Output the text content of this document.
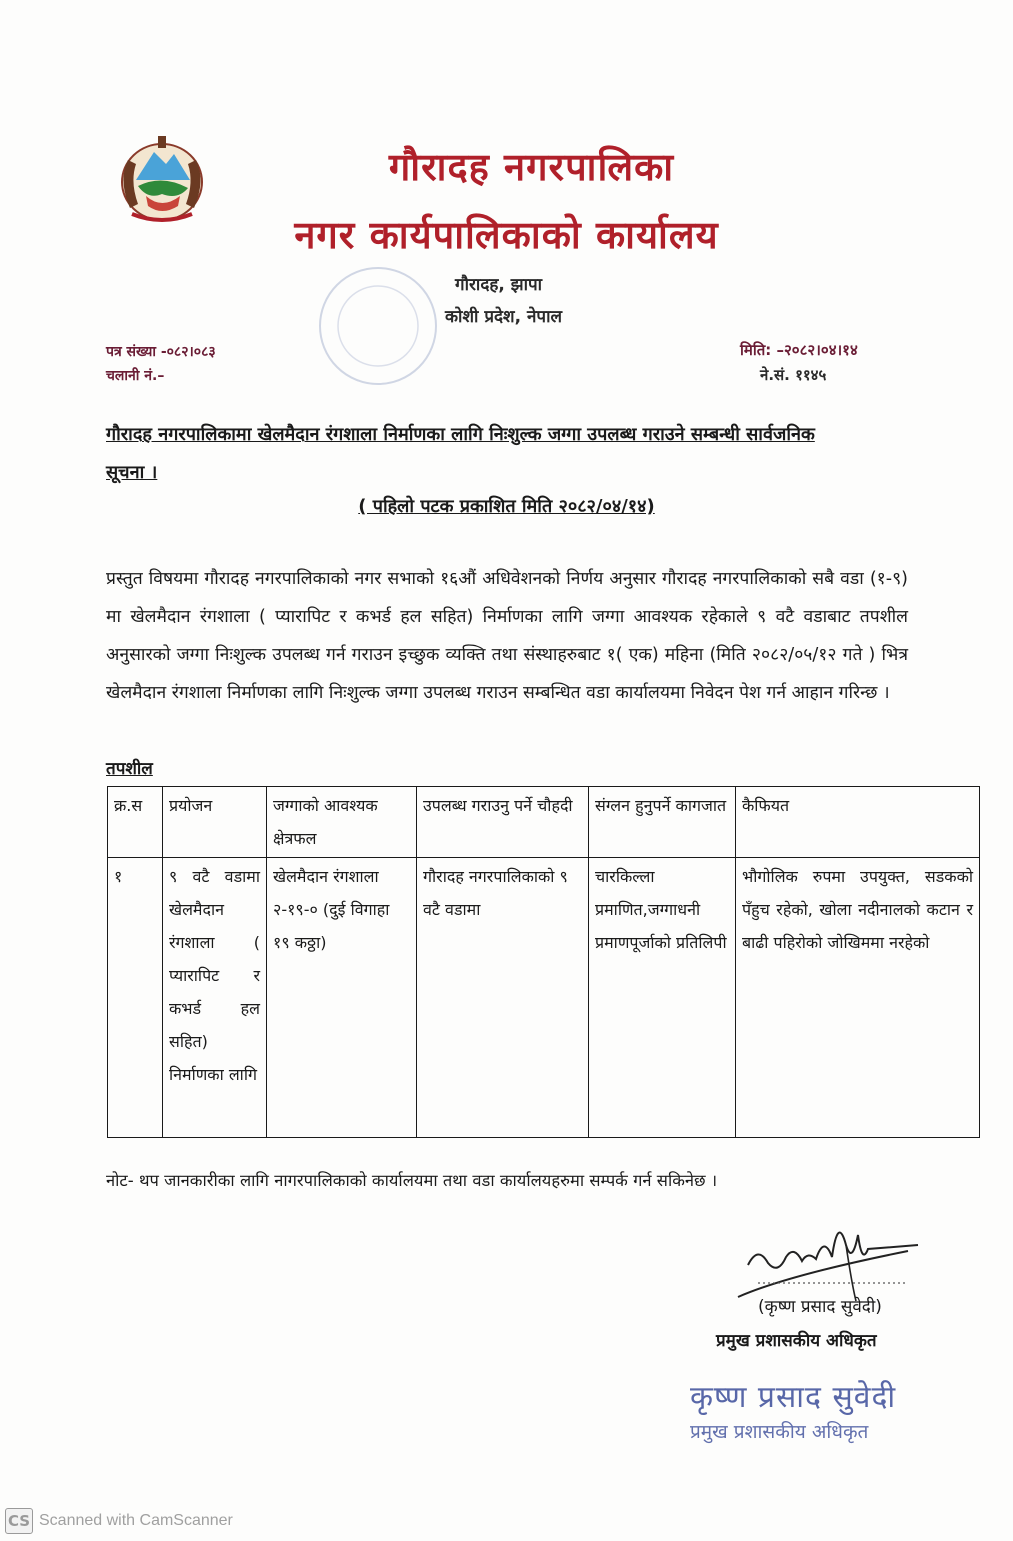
गौरादह नगरपालिका
नगर कार्यपालिकाको कार्यालय
गौरादह, झापा
कोशी प्रदेश, नेपाल
पत्र संख्या -०८२।०८३
चलानी नं.–
मिति: –२०८२।०४।१४
ने.सं. ११४५
गौरादह नगरपालिकामा खेलमैदान रंगशाला निर्माणका लागि निःशुल्क जग्गा उपलब्ध गराउने सम्बन्धी सार्वजनिक
सूचना ।
( पहिलो पटक प्रकाशित मिति २०८२/०४/१४)
प्रस्तुत विषयमा गौरादह नगरपालिकाको नगर सभाको १६औं अधिवेशनको निर्णय अनुसार गौरादह नगरपालिकाको सबै वडा (१-९) मा खेलमैदान रंगशाला ( प्यारापिट र कभर्ड हल सहित) निर्माणका लागि जग्गा आवश्यक रहेकाले ९ वटै वडाबाट तपशील अनुसारको जग्गा निःशुल्क उपलब्ध गर्न गराउन इच्छुक व्यक्ति तथा संस्थाहरुबाट १( एक) महिना (मिति २०८२/०५/१२ गते ) भित्र खेलमैदान रंगशाला निर्माणका लागि निःशुल्क जग्गा उपलब्ध गराउन सम्बन्धित वडा कार्यालयमा निवेदन पेश गर्न आहान गरिन्छ ।
तपशील
क्र.स	प्रयोजन	जग्गाको आवश्यक क्षेत्रफल	उपलब्ध गराउनु पर्ने चौहदी	संग्लन हुनुपर्ने कागजात	कैफियत
१	९ वटै वडामा खेलमैदान रंगशाला ( प्यारापिट र कभर्ड हल सहित) निर्माणका लागि	खेलमैदान रंगशाला २-१९-० (दुई विगाहा १९ कठ्ठा)	गौरादह नगरपालिकाको ९ वटै वडामा	चारकिल्ला प्रमाणित,जग्गाधनी प्रमाणपूर्जाको प्रतिलिपी	भौगोलिक रुपमा उपयुक्त, सडकको पँहुच रहेको, खोला नदीनालको कटान र बाढी पहिरोको जोखिममा नरहेको
नोट- थप जानकारीका लागि नागरपालिकाको कार्यालयमा तथा वडा कार्यालयहरुमा सम्पर्क गर्न सकिनेछ ।
(कृष्ण प्रसाद सुवेदी)
प्रमुख प्रशासकीय अधिकृत
कृष्ण प्रसाद सुवेदी
प्रमुख प्रशासकीय अधिकृत
CS Scanned with CamScanner
